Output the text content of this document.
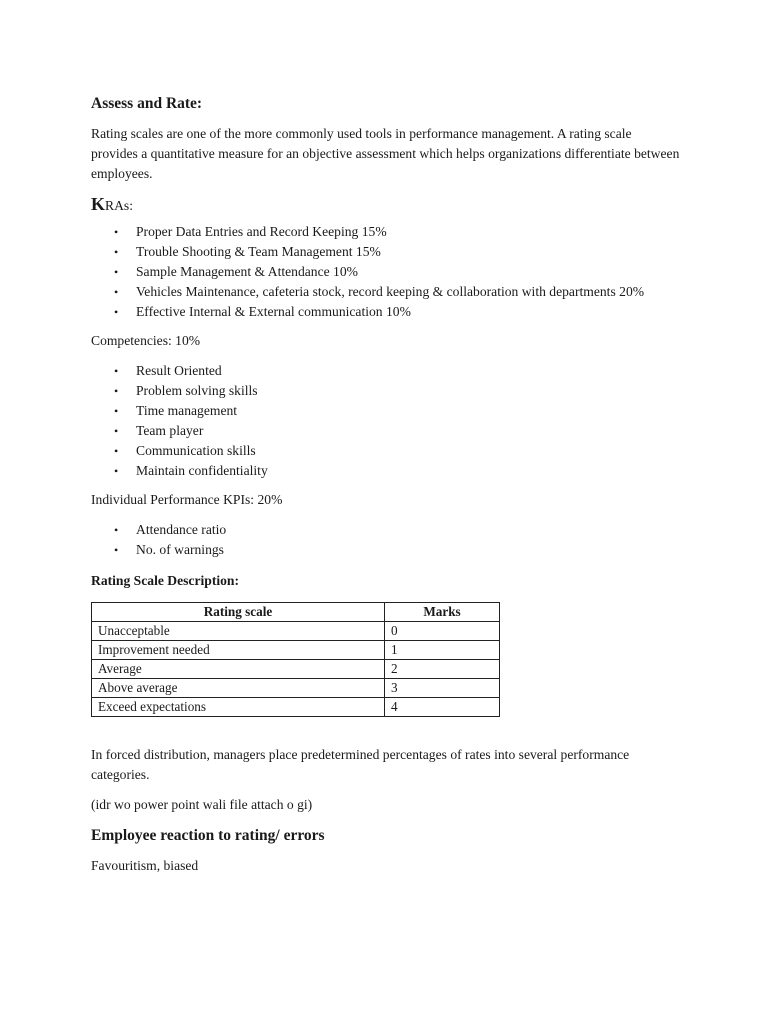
Assess and Rate:

Rating scales are one of the more commonly used tools in performance management. A rating scale provides a quantitative measure for an objective assessment which helps organizations differentiate between employees.

KRAs:

• Proper Data Entries and Record Keeping 15%
• Trouble Shooting & Team Management 15%
• Sample Management & Attendance 10%
• Vehicles Maintenance, cafeteria stock, record keeping & collaboration with departments 20%
• Effective Internal & External communication 10%

Competencies: 10%

• Result Oriented
• Problem solving skills
• Time management
• Team player
• Communication skills
• Maintain confidentiality

Individual Performance KPIs: 20%

• Attendance ratio
• No. of warnings

Rating Scale Description:

Rating scale	Marks
Unacceptable	0
Improvement needed	1
Average	2
Above average	3
Exceed expectations	4

In forced distribution, managers place predetermined percentages of rates into several performance categories.

(idr wo power point wali file attach o gi)

Employee reaction to rating/ errors

Favouritism, biased
